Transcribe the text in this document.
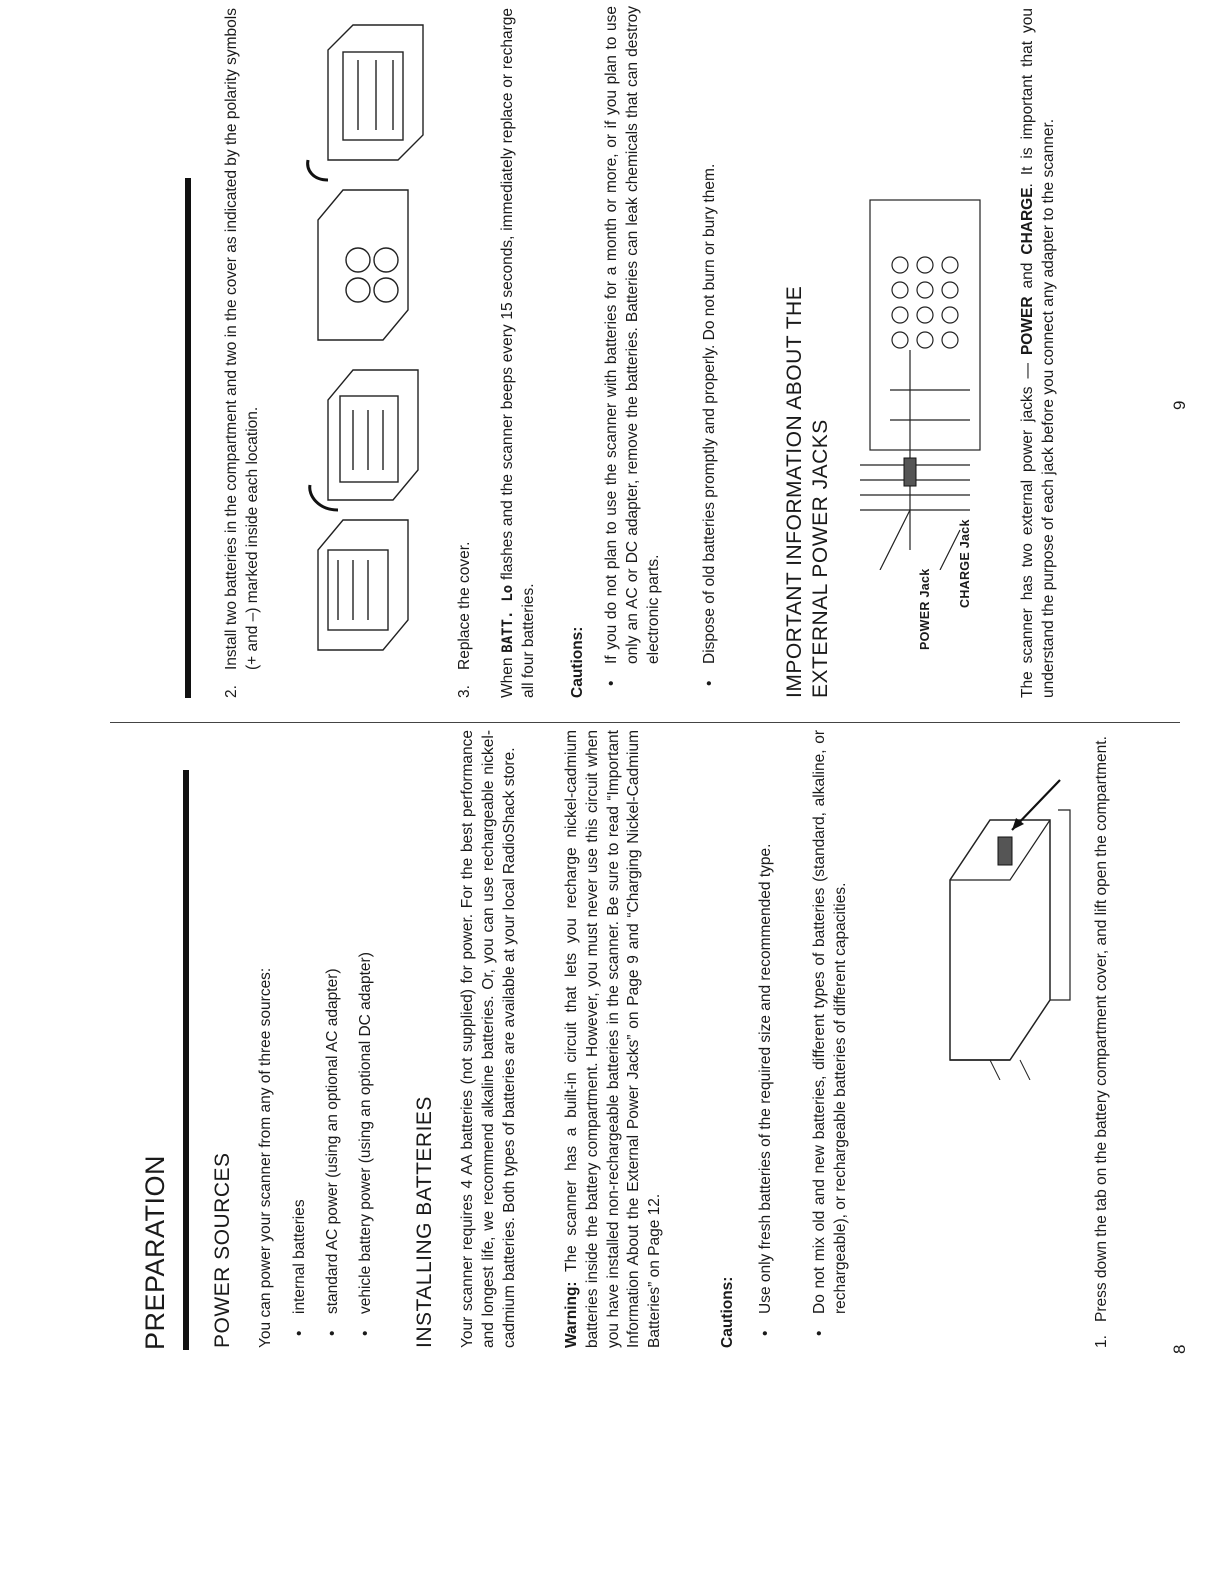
PREPARATION POWER SOURCES You can power your scanner from any of three sources: •
internal batteries
•
standard AC power (using an optional AC adapter)
•
vehicle battery power (using an optional DC adapter) INSTALLING BATTERIES Your scanner requires 4 AA batteries (not supplied) for power. For the best performance and longest life, we recommend alkaline batteries. Or, you can use rechargeable nickel-cadmium batteries. Both types of batteries are available at your local RadioShack store.	Warning: The scanner has a built-in circuit that lets you recharge nickel-cadmium batteries inside the battery compartment. However, you must never use this circuit when you have installed non-rechargeable batteries in the scanner. Be sure to read “Important Information About the External Power Jacks” on Page 9 and “Charging Nickel-Cadmium Batteries” on Page 12.	Cautions: •
Use only fresh batteries of the required size and recommended type.
•
Do not mix old and new batteries, different types of batteries (standard, alkaline, or rechargeable), or rechargeable batteries of different capacities.
1.
Press down the tab on the battery compartment cover, and lift open the compartment.
8
2.
Install two batteries in the compartment and two in the cover as indicated by the polarity symbols (+ and –) marked inside each location.
3.
Replace the cover.

When BATT. Lo flashes and the scanner beeps every 15 seconds, immediately replace or recharge all four batteries. Cautions: •
If you do not plan to use the scanner with batteries for a month or more, or if you plan to use only an AC or DC adapter, remove the batteries. Batteries can leak chemicals that can destroy electronic parts.
•
Dispose of old batteries promptly and properly. Do not burn or bury them.	IMPORTANT INFORMATION ABOUT THE EXTERNAL POWER JACKS	POWER Jack
CHARGE Jack	The scanner has two external power jacks — POWER and CHARGE. It is important that you understand the purpose of each jack before you connect any adapter to the scanner.	9
